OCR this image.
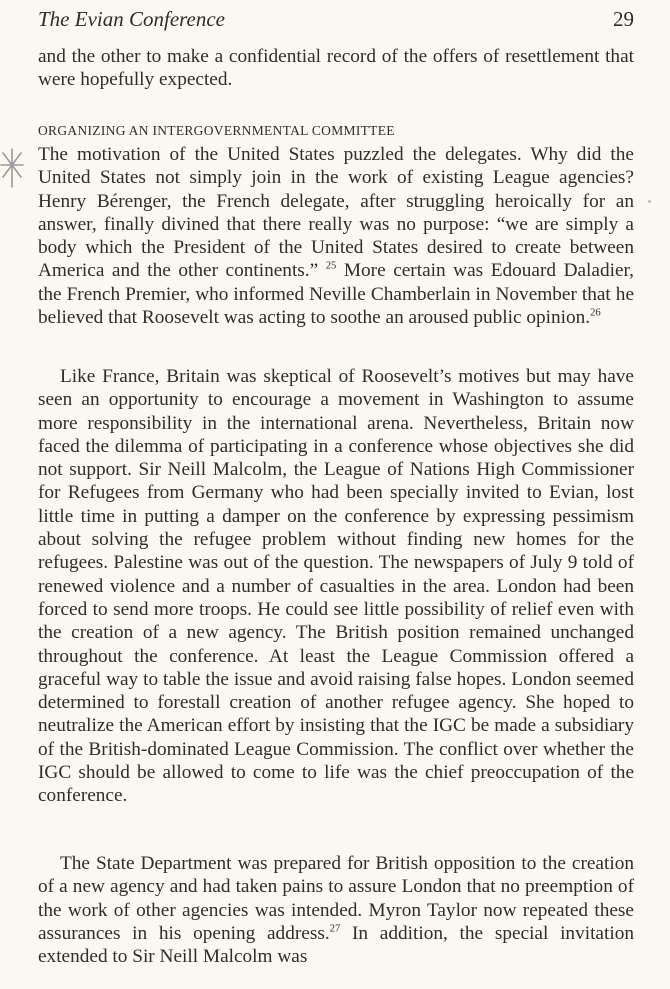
The Evian Conference	29

and the other to make a confidential record of the offers of resettlement that were hopefully expected.

ORGANIZING AN INTERGOVERNMENTAL COMMITTEE

The motivation of the United States puzzled the delegates. Why did the United States not simply join in the work of existing League agencies? Henry Bérenger, the French delegate, after struggling heroically for an answer, finally divined that there really was no purpose: “we are simply a body which the President of the United States desired to create between America and the other continents.” $^{25}$ More certain was Edouard Daladier, the French Premier, who informed Neville Chamberlain in November that he believed that Roosevelt was acting to soothe an aroused public opinion.$^{26}$

Like France, Britain was skeptical of Roosevelt’s motives but may have seen an opportunity to encourage a movement in Washington to assume more responsibility in the international arena. Nevertheless, Britain now faced the dilemma of participating in a conference whose objectives she did not support. Sir Neill Malcolm, the League of Nations High Commissioner for Refugees from Germany who had been specially invited to Evian, lost little time in putting a damper on the conference by expressing pessimism about solving the refugee problem without finding new homes for the refugees. Palestine was out of the question. The newspapers of July 9 told of renewed violence and a number of casualties in the area. London had been forced to send more troops. He could see little possibility of relief even with the creation of a new agency. The British position remained unchanged throughout the conference. At least the League Commission offered a graceful way to table the issue and avoid raising false hopes. London seemed determined to forestall creation of another refugee agency. She hoped to neutralize the American effort by insisting that the IGC be made a subsidiary of the British-dominated League Commission. The conflict over whether the IGC should be allowed to come to life was the chief preoccupation of the conference.

The State Department was prepared for British opposition to the creation of a new agency and had taken pains to assure London that no preemption of the work of other agencies was intended. Myron Taylor now repeated these assurances in his opening address.$^{27}$ In addition, the special invitation extended to Sir Neill Malcolm was
